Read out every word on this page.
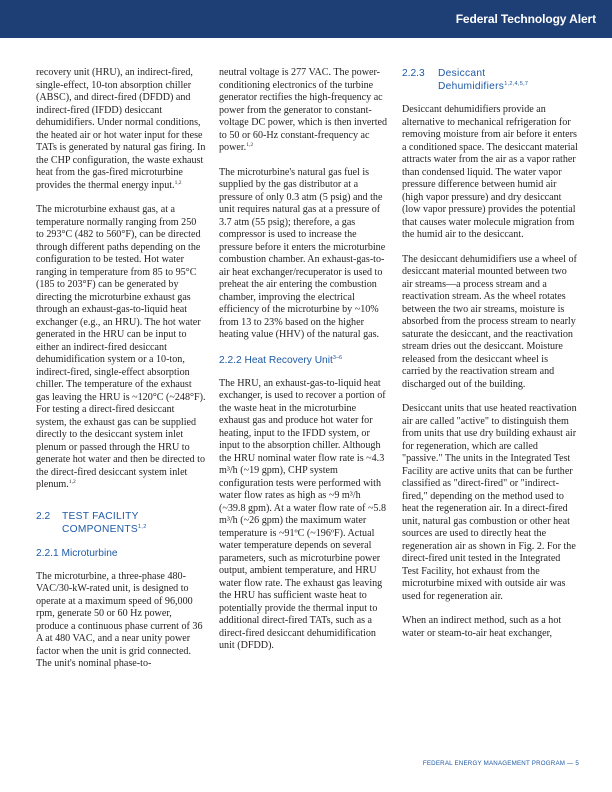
Federal Technology Alert

recovery unit (HRU), an indirect-fired, single-effect, 10-ton absorption chiller (ABSC), and direct-fired (DFDD) and indirect-fired (IFDD) desiccant dehumidifiers. Under normal conditions, the heated air or hot water input for these TATs is generated by natural gas firing. In the CHP configuration, the waste exhaust heat from the gas-fired microturbine provides the thermal energy input.$^{1,2}$

The microturbine exhaust gas, at a temperature normally ranging from 250 to 293°C (482 to 560°F), can be directed through different paths depending on the configuration to be tested. Hot water ranging in temperature from 85 to 95°C (185 to 203°F) can be generated by directing the microturbine exhaust gas through an exhaust-gas-to-liquid heat exchanger (e.g., an HRU). The hot water generated in the HRU can be input to either an indirect-fired desiccant dehumidification system or a 10-ton, indirect-fired, single-effect absorption chiller. The temperature of the exhaust gas leaving the HRU is ~120°C (~248°F). For testing a direct-fired desiccant system, the exhaust gas can be supplied directly to the desiccant system inlet plenum or passed through the HRU to generate hot water and then be directed to the direct-fired desiccant system inlet plenum.$^{1,2}$

2.2	TEST FACILITY COMPONENTS$^{1,2}$
2.2.1 Microturbine

The microturbine, a three-phase 480-VAC/30-kW-rated unit, is designed to operate at a maximum speed of 96,000 rpm, generate 50 or 60 Hz power, produce a continuous phase current of 36 A at 480 VAC, and a near unity power factor when the unit is grid connected. The unit's nominal phase-to-

neutral voltage is 277 VAC. The power-conditioning electronics of the turbine generator rectifies the high-frequency ac power from the generator to constant-voltage DC power, which is then inverted to 50 or 60-Hz constant-frequency ac power.$^{1,2}$

The microturbine's natural gas fuel is supplied by the gas distributor at a pressure of only 0.3 atm (5 psig) and the unit requires natural gas at a pressure of 3.7 atm (55 psig); therefore, a gas compressor is used to increase the pressure before it enters the microturbine combustion chamber. An exhaust-gas-to-air heat exchanger/recuperator is used to preheat the air entering the combustion chamber, improving the electrical efficiency of the microturbine by ~10% from 13 to 23% based on the higher heating value (HHV) of the natural gas.

2.2.2 Heat Recovery Unit$^{3-6}$

The HRU, an exhaust-gas-to-liquid heat exchanger, is used to recover a portion of the waste heat in the microturbine exhaust gas and produce hot water for heating, input to the IFDD system, or input to the absorption chiller. Although the HRU nominal water flow rate is ~4.3 m³/h (~19 gpm), CHP system configuration tests were performed with water flow rates as high as ~9 m³/h (~39.8 gpm). At a water flow rate of ~5.8 m³/h (~26 gpm) the maximum water temperature is ~91ºC (~196ºF). Actual water temperature depends on several parameters, such as microturbine power output, ambient temperature, and HRU water flow rate. The exhaust gas leaving the HRU has sufficient waste heat to potentially provide the thermal input to additional direct-fired TATs, such as a direct-fired desiccant dehumidification unit (DFDD).

2.2.3	Desiccant Dehumidifiers$^{1,2,4,5,7}$

Desiccant dehumidifiers provide an alternative to mechanical refrigeration for removing moisture from air before it enters a conditioned space. The desiccant material attracts water from the air as a vapor rather than condensed liquid. The water vapor pressure difference between humid air (high vapor pressure) and dry desiccant (low vapor pressure) provides the potential that causes water molecule migration from the humid air to the desiccant.

The desiccant dehumidifiers use a wheel of desiccant material mounted between two air streams—a process stream and a reactivation stream. As the wheel rotates between the two air streams, moisture is absorbed from the process stream to nearly saturate the desiccant, and the reactivation stream dries out the desiccant. Moisture released from the desiccant wheel is carried by the reactivation stream and discharged out of the building.

Desiccant units that use heated reactivation air are called "active" to distinguish them from units that use dry building exhaust air for regeneration, which are called "passive." The units in the Integrated Test Facility are active units that can be further classified as "direct-fired" or "indirect-fired," depending on the method used to heat the regeneration air. In a direct-fired unit, natural gas combustion or other heat sources are used to directly heat the regeneration air as shown in Fig. 2. For the direct-fired unit tested in the Integrated Test Facility, hot exhaust from the microturbine mixed with outside air was used for regeneration air.

When an indirect method, such as a hot water or steam-to-air heat exchanger,

FEDERAL ENERGY MANAGEMENT PROGRAM — 5
